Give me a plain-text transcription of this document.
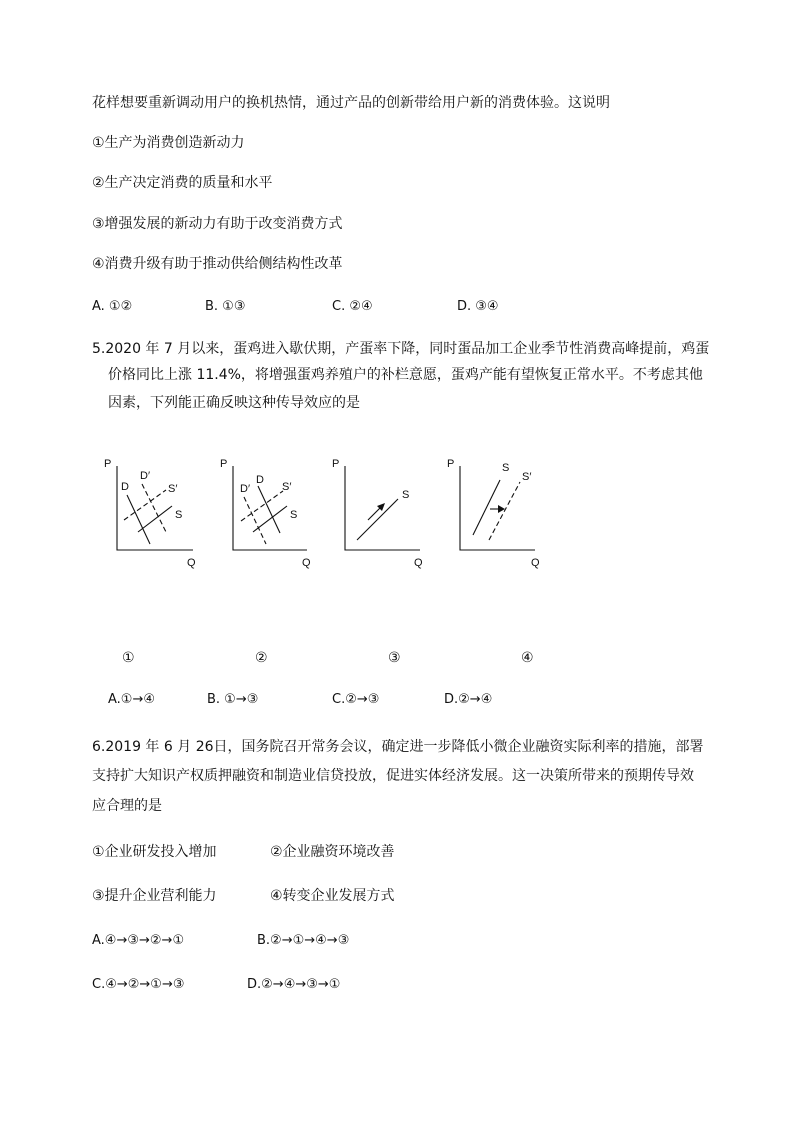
花样想要重新调动用户的换机热情，通过产品的创新带给用户新的消费体验。这说明
①生产为消费创造新动力
②生产决定消费的质量和水平
③增强发展的新动力有助于改变消费方式
④消费升级有助于推动供给侧结构性改革
A. ①②	B. ①③	C. ②④	D. ③④
5.2020 年 7 月以来，蛋鸡进入歇伏期，产蛋率下降，同时蛋品加工企业季节性消费高峰提前，鸡蛋
价格同比上涨 11.4%，将增强蛋鸡养殖户的补栏意愿，蛋鸡产能有望恢复正常水平。不考虑其他
因素，下列能正确反映这种传导效应的是
P
Q
D
D′
S′
S
P
Q
D′
D
S′
S
P
Q
S
P
Q
S
S′
①	②	③	④
A.①→④	B. ①→③	C.②→③	D.②→④
6.2019 年 6 月 26日，国务院召开常务会议，确定进一步降低小微企业融资实际利率的措施，部署
支持扩大知识产权质押融资和制造业信贷投放，促进实体经济发展。这一决策所带来的预期传导效
应合理的是
①企业研发投入增加	②企业融资环境改善
③提升企业营利能力	④转变企业发展方式
A.④→③→②→①	B.②→①→④→③
C.④→②→①→③	D.②→④→③→①
